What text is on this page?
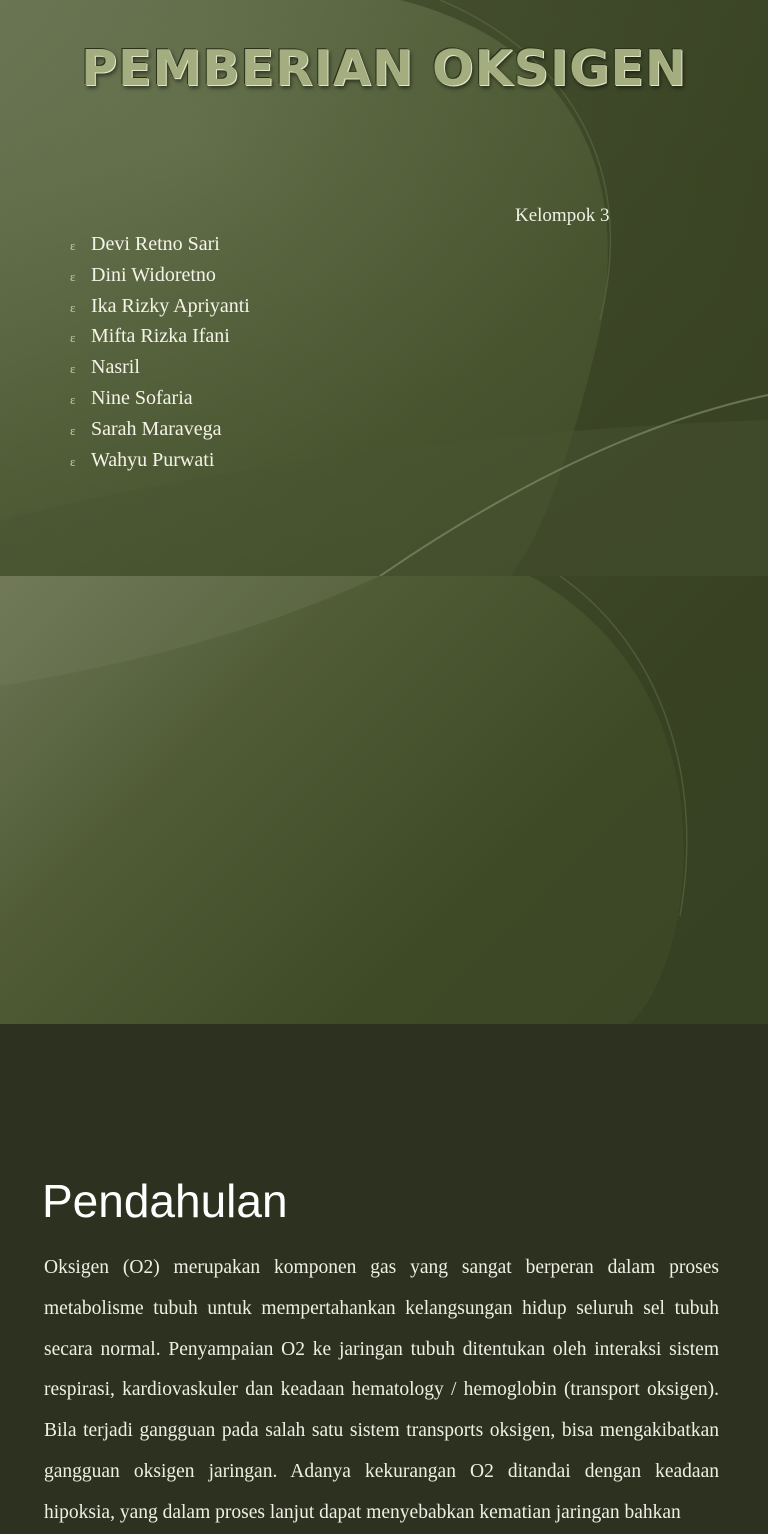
PEMBERIAN OKSIGEN
Kelompok 3
ε Devi Retno Sari
ε Dini Widoretno
ε Ika Rizky Apriyanti
ε Mifta Rizka Ifani
ε Nasril
ε Nine Sofaria
ε Sarah Maravega
ε Wahyu Purwati
Pendahulan

Oksigen (O2) merupakan komponen gas yang sangat berperan dalam proses metabolisme tubuh untuk mempertahankan kelangsungan hidup seluruh sel tubuh secara normal. Penyampaian O2 ke jaringan tubuh ditentukan oleh interaksi sistem respirasi, kardiovaskuler dan keadaan hematology / hemoglobin (transport oksigen). Bila terjadi gangguan pada salah satu sistem transports oksigen, bisa mengakibatkan gangguan oksigen jaringan. Adanya kekurangan O2 ditandai dengan keadaan hipoksia, yang dalam proses lanjut dapat menyebabkan kematian jaringan bahkan
